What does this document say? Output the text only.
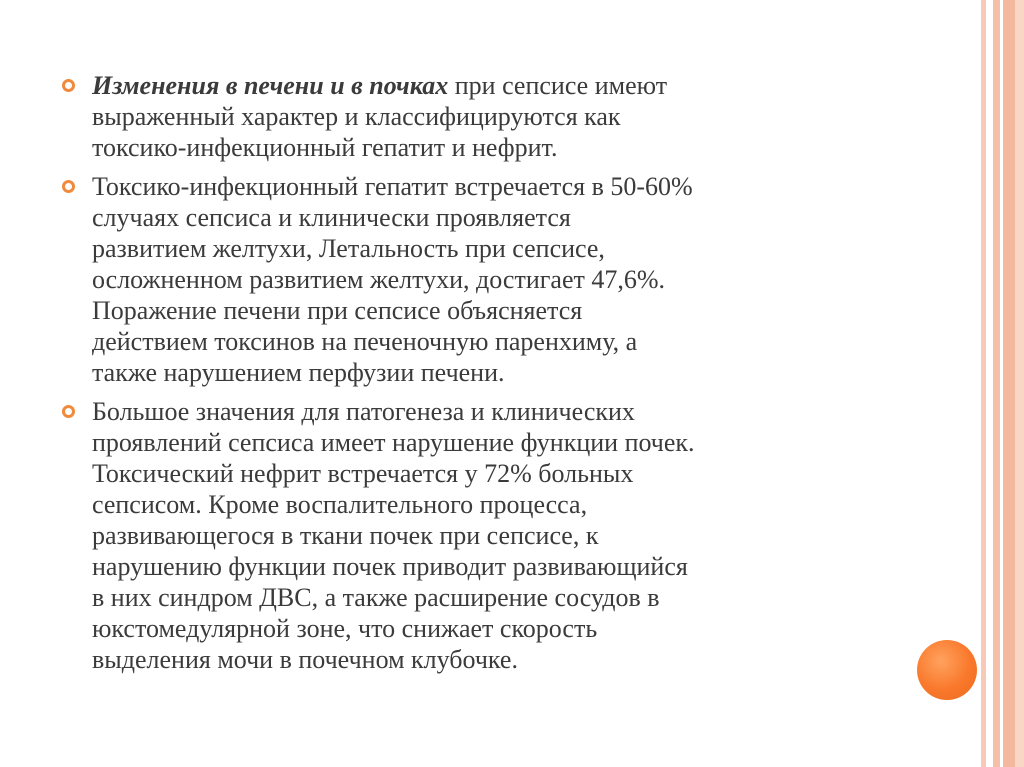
Изменения в печени и в почках при сепсисе имеют
выраженный характер и классифицируются как
токсико-инфекционный гепатит и нефрит.
Токсико-инфекционный гепатит встречается в 50-60%
случаях сепсиса и клинически проявляется
развитием желтухи, Летальность при сепсисе,
осложненном развитием желтухи, достигает 47,6%.
Поражение печени при сепсисе объясняется
действием токсинов на печеночную паренхиму, а
также нарушением перфузии печени.
Большое значения для патогенеза и клинических
проявлений сепсиса имеет нарушение функции почек.
Токсический нефрит встречается у 72% больных
сепсисом. Кроме воспалительного процесса,
развивающегося в ткани почек при сепсисе, к
нарушению функции почек приводит развивающийся
в них синдром ДВС, а также расширение сосудов в
юкстомедулярной зоне, что снижает скорость
выделения мочи в почечном клубочке.
